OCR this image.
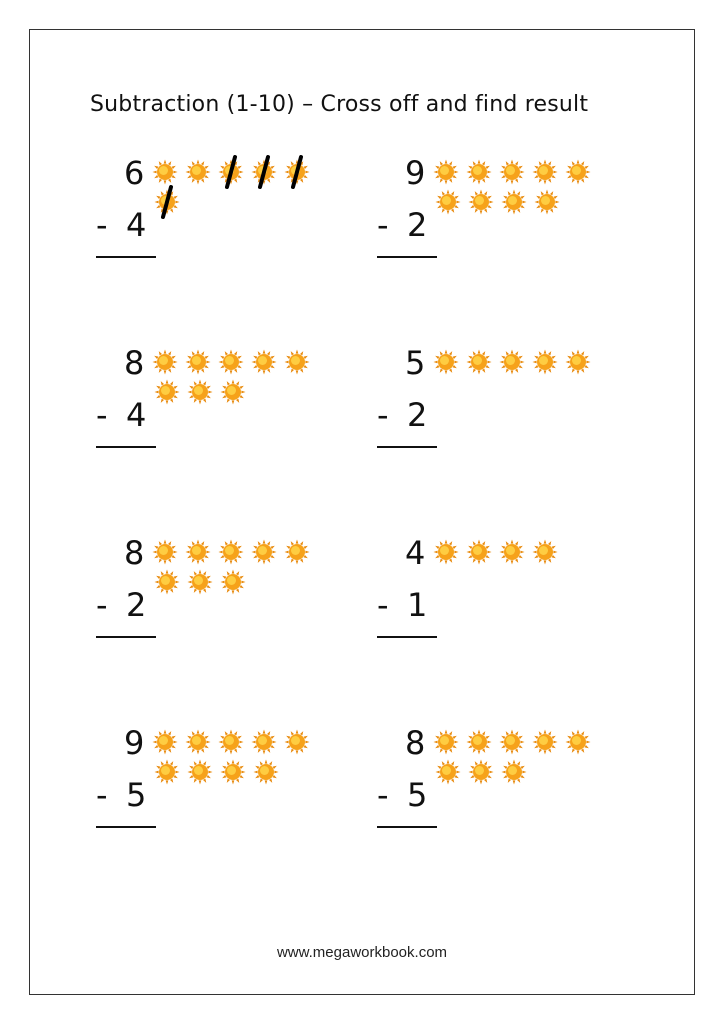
Subtraction (1-10) – Cross off and find result
6
- 4
9
- 2
8
- 4
5
- 2
8
- 2
4
- 1
9
- 5
8
- 5
www.megaworkbook.com
